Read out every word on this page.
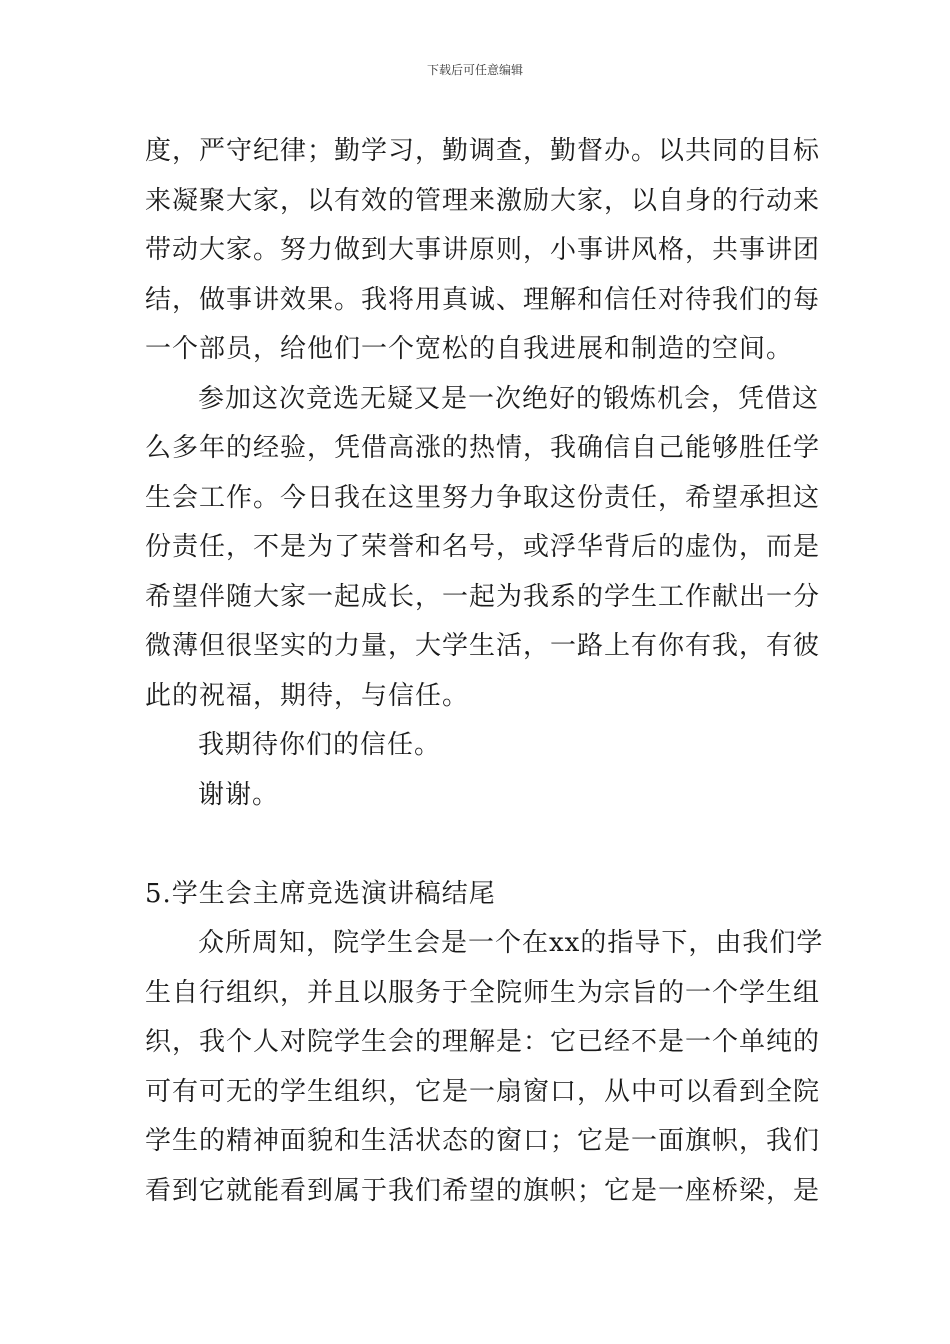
下载后可任意编辑
度，严守纪律；勤学习，勤调查，勤督办。以共同的目标
来凝聚大家，以有效的管理来激励大家，以自身的行动来
带动大家。努力做到大事讲原则，小事讲风格，共事讲团
结，做事讲效果。我将用真诚、理解和信任对待我们的每
一个部员，给他们一个宽松的自我进展和制造的空间。
参加这次竞选无疑又是一次绝好的锻炼机会，凭借这
么多年的经验，凭借高涨的热情，我确信自己能够胜任学
生会工作。今日我在这里努力争取这份责任，希望承担这
份责任，不是为了荣誉和名号，或浮华背后的虚伪，而是
希望伴随大家一起成长，一起为我系的学生工作献出一分
微薄但很坚实的力量，大学生活，一路上有你有我，有彼
此的祝福，期待，与信任。
我期待你们的信任。
谢谢。
5.学生会主席竞选演讲稿结尾
众所周知，院学生会是一个在xx的指导下，由我们学
生自行组织，并且以服务于全院师生为宗旨的一个学生组
织，我个人对院学生会的理解是：它已经不是一个单纯的
可有可无的学生组织，它是一扇窗口，从中可以看到全院
学生的精神面貌和生活状态的窗口；它是一面旗帜，我们
看到它就能看到属于我们希望的旗帜；它是一座桥梁，是
